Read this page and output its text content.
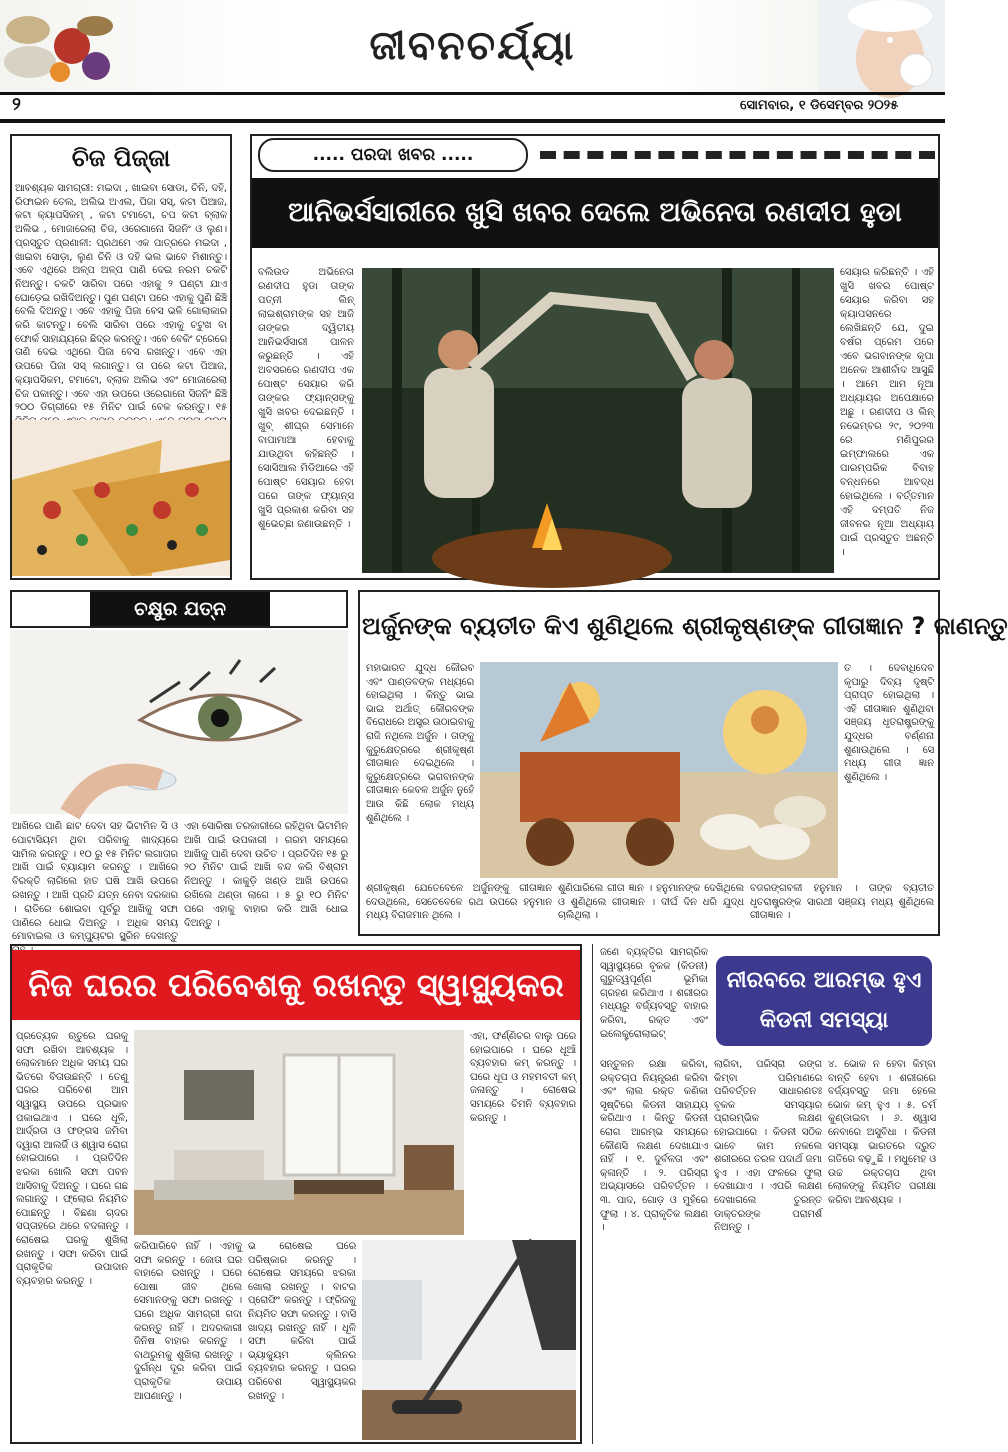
ଜୀବନଚର୍ଯ୍ୟା
୨	ସୋମବାର, ୧ ଡିସେମ୍ବର ୨୦୨୫
ଚିଜ ପିଜ୍ଜା
ଆବଶ୍ୟକ ସାମଗ୍ରୀ: ମଇଦା , ଖାଇବା ସୋଡା, ଚିନି, ଦହି, ରିଫାଇନ ତେଲ, ଅଲିଭ ଅଏଲ, ପିଜା ସସ୍, କଟା ପିଆଜ, କଟା କ୍ୟାପସିକମ୍ , କଟା ଟମାଟୋ, ଚପ କଟା ବ୍ଲାକ ଅଲିଭ , ମୋଜାରେଲା ଚିଜ, ଓରେଗାନୋ ସିଜନିଂ ଓ ଲୁଣ। ପ୍ରସ୍ତୁତ ପ୍ରଣାଳୀ: ପ୍ରଥମେ ଏକ ପାତ୍ରରେ ମଇଦା , ଖାଇବା ସୋଡ଼ା, ଲୁଣ ଚିନି ଓ ଦହି ଭଲ ଭାବେ ମିଶାନ୍ତୁ। ଏବେ ଏଥିରେ ଅଳ୍ପ ଅଳ୍ପ ପାଣି ଦେଇ ନରମ ଚକଟି ନିଅନ୍ତୁ। ଚକଟି ସାରିବା ପରେ ଏହାକୁ ୨ ଘଣ୍ଟା ଯାଏ ଘୋଡ଼େଇ ରଖିଦିଅନ୍ତୁ। ପୁଣ ଘଣ୍ଟା ପରେ ଏହାକୁ ପୁଣି ଛିଞ୍ଚି ବେଲି ଦିଅନ୍ତୁ। ଏବେ ଏହାକୁ ପିଜା ବେସ ଭଳି ଗୋଲାକାର କରି କାଟନ୍ତୁ। ବେଲି ସାରିବା ପରେ ଏହାକୁ ଚଟୁଖ ବା ଫୋର୍କ ସାହାଯ୍ୟରେ ଛିଦ୍ର କରନ୍ତୁ। ଏବେ ବେକିଂ ଟ୍ରେରେ ତାଣି ଦେଇ ଏଥିରେ ପିଜା ବେସ ରଖନ୍ତୁ। ଏବେ ଏହା ଉପରେ ପିଜା ସସ୍ ଲଗାନ୍ତୁ। ତା ପରେ କଟା ପିଆଜ, କ୍ୟାପସିକମ, ଟମାଟୋ, ବ୍ଲାକ ଅଲିଭ ଏବଂ ମୋଜାରେଲା ଚିଜ ପକାନ୍ତୁ। ଏବେ ଏହା ଉପରେ ଓରେଗାନୋ ସିଜନିଂ ଛିଞ୍ଚି ୨୦୦ ଡିଗ୍ରୀରେ ୧୫ ମିନିଟ ପାଇଁ ବେକ କରନ୍ତୁ। ୧୫
..... ପରଦା ଖବର .....
ଆନିଭର୍ସସାରୀରେ ଖୁସି ଖବର ଦେଲେ ଅଭିନେତା ରଣଦୀପ ହୁଡା
ବଲିଉଡ ଅଭିନେତା ରଣଦୀପ ହୁଡା ତାଙ୍କ ପତ୍ନୀ ଲିନ୍ ଲାଇଶ୍ରାମଙ୍କ ସହ ଆଜି ତାଙ୍କର ଦ୍ୱିତୀୟ ଆନିଭର୍ସସାରୀ ପାଳନ କରୁଛନ୍ତି । ଏହି ଅବସରରେ ରଣଦୀପ ଏକ ପୋଷ୍ଟ ସେୟାର କରି ତାଙ୍କର ଫ୍ୟାନ୍ସଙ୍କୁ ଖୁସି ଖବର ଦେଇଛନ୍ତି । ଖୁବ୍ ଶୀଘ୍ର ସେମାନେ ବାପାମାଆ ହେବାକୁ ଯାଉଥିବା କହିଛନ୍ତି । ସୋସିଆଲ ମିଡିଆରେ ଏହି ପୋଷ୍ଟ ସେୟାର ହେବା ପରେ ତାଙ୍କ ଫ୍ୟାନ୍ସ ଖୁସି ପ୍ରକାଶ କରିବା ସହ ଶୁଭେଚ୍ଛା ଜଣାଉଛନ୍ତି ।
ସେୟାର କରିଛନ୍ତି । ଏହି ଖୁସି ଖବର ପୋଷ୍ଟ ସେୟାର କରିବା ସହ କ୍ୟାପସନରେ ଲେଖିଛନ୍ତି ଯେ, ଦୁଇ ବର୍ଷର ପ୍ରେମ ପରେ ଏବେ ଭଗବାନଙ୍କ କୃପା ଅନେକ ଆଶୀର୍ବାଦ ଆସୁଛି । ଆମେ ଆମ ନୂଆ ଅଧ୍ୟାୟର ଅପେକ୍ଷାରେ ଅଛୁ । ରଣଦୀପ ଓ ଲିନ୍ ନଭେମ୍ବର ୨୯, ୨୦୨୩ ରେ ମଣିପୁରର ଇମ୍ଫାଲରେ ଏକ ପାରମ୍ପରିକ ବିବାହ ବନ୍ଧନରେ ଆବଦ୍ଧ ହୋଇଥିଲେ । ବର୍ତ୍ତମାନ ଏହି ଦମ୍ପତି ନିଜ ଜୀବନର ନୂଆ ଅଧ୍ୟାୟ ପାଇଁ ପ୍ରସ୍ତୁତ ଅଛନ୍ତି ।
ଚକ୍ଷୁର ଯତ୍ନ
ଆଖିରେ ପାଣି ଛାଟ ଦେବା ସହ ଭିଟାମିନ ସି ଓ ପୋଟାସିୟମ ଥିବା ପରିବାକୁ ଖାଦ୍ୟରେ ସାମିଲ କରନ୍ତୁ । ୧୦ ରୁ ୧୫ ମିନିଟ ଲଗାତାର ଆଖି ପାଇଁ ବ୍ୟାୟାମ କରନ୍ତୁ । ଆଖିରେ ବିରକ୍ତି ଲାଗିଲେ ହାତ ଘଷି ଆଖି ଉପରେ ରଖନ୍ତୁ । ଆଖି ପ୍ରତି ଯତ୍ନ ନେବା ଦରକାର । ରାତିରେ ଶୋଇବା ପୂର୍ବରୁ ଆଖିକୁ ସଫା ପାଣିରେ ଧୋଇ ଦିଅନ୍ତୁ । ଅଧିକ ସମୟ ମୋବାଇଲ ଓ କମ୍ପ୍ୟୁଟର ସ୍କ୍ରିନ ଦେଖନ୍ତୁ
ଏହା ସୋରିଷା ତରକାରୀରେ ରହିଥିବା ଭିଟାମିନ ଆଖି ପାଇଁ ଉପକାରୀ । ଗରମ ସମୟରେ ଆଖିକୁ ପାଣି ଦେବା ଉଚିତ । ପ୍ରତିଦିନ ୧୫ ରୁ ୨୦ ମିନିଟ ପାଇଁ ଆଖି ବନ୍ଦ କରି ବିଶ୍ରାମ ନିଅନ୍ତୁ । କାକୁଡ଼ି ଖଣ୍ଡ ଆଖି ଉପରେ ରଖିଲେ ଥଣ୍ଡା ଲାଗେ । ୫ ରୁ ୧୦ ମିନିଟ ପରେ ଏହାକୁ ବାହାର କରି ଆଖି ଧୋଇ ଦିଅନ୍ତୁ ।
ଅର୍ଜୁନଙ୍କ ବ୍ୟତୀତ କିଏ ଶୁଣିଥିଲେ ଶ୍ରୀକୃଷ୍ଣଙ୍କ ଗୀତାଜ୍ଞାନ ? ଜାଣନ୍ତୁ
ମହାଭାରତ ଯୁଦ୍ଧ କୌରବ ଏବଂ ପାଣ୍ଡବଙ୍କ ମଧ୍ୟରେ ହୋଇଥିଲା । କିନ୍ତୁ ଭାଇ ଭାଇ ଅର୍ଥାତ୍ କୌରବଙ୍କ ବିରୋଧରେ ଅସ୍ତ୍ର ଉଠାଇବାକୁ ରାଜି ନଥିଲେ ଅର୍ଜୁନ । ତାଙ୍କୁ କୁରୁକ୍ଷେତ୍ରରେ ଶ୍ରୀକୃଷ୍ଣ ଗୀତାଜ୍ଞାନ ଦେଇଥିଲେ । କୁରୁକ୍ଷେତ୍ରରେ ଭଗବାନଙ୍କ ଗୀତାଜ୍ଞାନ କେବଳ ଅର୍ଜୁନ ନୁହେଁ ଆଉ କିଛି ଲୋକ ମଧ୍ୟ ଶୁଣିଥିଲେ ।
ତ । ଦେବାଧିଦେବ କୃପାରୁ ଦିବ୍ୟ ଦୃଷ୍ଟି ପ୍ରାପ୍ତ ହୋଇଥିଲା । ଏହି ଗୀତାଜ୍ଞାନ ଶୁଣିଥିବା ସଞ୍ଜୟ ଧୃତରାଷ୍ଟ୍ରଙ୍କୁ ଯୁଦ୍ଧର ବର୍ଣ୍ଣନା ଶୁଣାଉଥିଲେ । ସେ ମଧ୍ୟ ଗୀତା ଜ୍ଞାନ ଶୁଣିଥିଲେ ।
ଶ୍ରୀକୃଷ୍ଣ ଯେତେବେଳେ ଅର୍ଜୁନଙ୍କୁ ଗୀତାଜ୍ଞାନ ଦେଉଥିଲେ, ସେତେବେଳେ ରଥ ଉପରେ ହନୁମାନ ମଧ୍ୟ ବିରାଜମାନ ଥିଲେ ।
ଶୁଣିପାରିଲେ ଗୀତା ଜ୍ଞାନ । ହନୁମାନଙ୍କ ଦେଖିଥିଲେ ଓ ଶୁଣିଥିଲେ ଗୀତାଜ୍ଞାନ । ଦୀର୍ଘ ଦିନ ଧରି ଯୁଦ୍ଧ ଚାଲିଥିଲା ।
ବଜରଙ୍ଗବଳୀ ହନୁମାନ । ତାଙ୍କ ବ୍ୟତୀତ ଧୃତରାଷ୍ଟ୍ରଙ୍କ ସାରଥୀ ସଞ୍ଜୟ ମଧ୍ୟ ଶୁଣିଥିଲେ ଗୀତାଜ୍ଞାନ ।
ନିଜ ଘରର ପରିବେଶକୁ ରଖନ୍ତୁ ସ୍ୱାସ୍ଥ୍ୟକର
ପ୍ରତ୍ୟେକ ଋତୁରେ ଘରକୁ ସଫା ରଖିବା ଆବଶ୍ୟକ । ଲୋକମାନେ ଅଧିକ ସମୟ ଘର ଭିତରେ ବିତାଉଛନ୍ତି । ତେଣୁ ଘରର ପରିବେଶ ଆମ ସ୍ୱାସ୍ଥ୍ୟ ଉପରେ ପ୍ରଭାବ ପକାଇଥାଏ । ଘରେ ଧୂଳି, ଆର୍ଦ୍ରତା ଓ ଫଙ୍ଗସ ଜମିବା ଦ୍ୱାରା ଆଲର୍ଜି ଓ ଶ୍ୱାସ ରୋଗ ହୋଇପାରେ । ପ୍ରତିଦିନ ଝରକା ଖୋଲି ସଫା ପବନ ଆସିବାକୁ ଦିଅନ୍ତୁ । ଘରେ ଗଛ ଲଗାନ୍ତୁ । ଫ୍ଲୋର ନିୟମିତ ପୋଛନ୍ତୁ । ବିଛଣା ଚାଦର ସପ୍ତାହରେ ଥରେ ବଦଳାନ୍ତୁ । ରୋଷେଇ ଘରକୁ ଶୁଖିଲା ରଖନ୍ତୁ । ସଫା କରିବା ପାଇଁ ପ୍ରାକୃତିକ ଉପାଦାନ ବ୍ୟବହାର କରନ୍ତୁ ।
ଏହା, ଫର୍ଣ୍ଣିଚର ବାଲୁ ପରେ ହୋଇପାରେ । ଘରେ ଧୂଆଁ ବ୍ୟବହାର କମ୍ କରନ୍ତୁ । ଘରେ ଧୂପ ଓ ମହମବତୀ କମ୍ ଜଳାନ୍ତୁ । ରୋଷେଇ ସମୟରେ ଚିମନି ବ୍ୟବହାର କରନ୍ତୁ ।
କରିପାରିବେ ନାହିଁ । ଏହାକୁ ସଫା କରନ୍ତୁ । ଜୋତା ଘର ବାହାରେ ରଖନ୍ତୁ । ଘରେ ପୋଷା ଜୀବ ଥିଲେ ସେମାନଙ୍କୁ ସଫା ରଖନ୍ତୁ । ଘରେ ଅଧିକ ସାମଗ୍ରୀ ଗଦା କରନ୍ତୁ ନାହିଁ । ଅଦରକାରୀ ଜିନିଷ ବାହାର କରନ୍ତୁ । ବାଥରୁମକୁ ଶୁଖିଲା ରଖନ୍ତୁ । ଦୁର୍ଗନ୍ଧ ଦୂର କରିବା ପାଇଁ ପ୍ରାକୃତିକ ଉପାୟ ଆପଣାନ୍ତୁ ।
ଭ ରୋଷେଇ ଘରେ ପରିଷ୍କାର କରନ୍ତୁ । ରୋଷେଇ ସମୟରେ ଝରକା ଖୋଲା ରଖନ୍ତୁ । ବାଟର ପ୍ରୋଫିଂ କରନ୍ତୁ । ଫ୍ରିଜକୁ ନିୟମିତ ସଫା କରନ୍ତୁ । ବାସି ଖାଦ୍ୟ ରଖନ୍ତୁ ନାହିଁ । ଧୂଳି ସଫା କରିବା ପାଇଁ ଭ୍ୟାକ୍ୟୁମ କ୍ଲିନର ବ୍ୟବହାର କରନ୍ତୁ । ଘରର ପରିବେଶ ସ୍ୱାସ୍ଥ୍ୟକର ରଖନ୍ତୁ ।
ଜଣେ ବ୍ୟକ୍ତିର ସାମଗ୍ରିକ ସ୍ୱାସ୍ଥ୍ୟରେ ବୃକକ (କିଡନୀ) ଗୁରୁତ୍ୱପୂର୍ଣ୍ଣ ଭୂମିକା ଗ୍ରହଣ କରିଥାଏ । ଶରୀରର ମଧ୍ୟରୁ ବର୍ଜ୍ୟବସ୍ତୁ ବାହାର କରିବା, ରକ୍ତ ଏବଂ ଇଲେକ୍ଟ୍ରୋଲାଇଟ୍
ନୀରବରେ ଆରମ୍ଭ ହୁଏ କିଡନୀ ସମସ୍ୟା
ସନ୍ତୁଳନ ରକ୍ଷା କରିବା, ରକ୍ତଚାପ ନିୟନ୍ତ୍ରଣ କରିବା ଏବଂ ଲାଲ ରକ୍ତ କଣିକା ସୃଷ୍ଟିରେ କିଡନୀ ସାହାଯ୍ୟ କରିଥାଏ । କିନ୍ତୁ କିଡନୀ ରୋଗ ଆରମ୍ଭ ସମୟରେ କୌଣସି ଲକ୍ଷଣ ଦେଖାଯାଏ ନାହିଁ । ୧. ଦୁର୍ବଳତା ଏବଂ କ୍ଳାନ୍ତି । ୨. ପରିସ୍ରା ଅଭ୍ୟାସରେ ପରିବର୍ତ୍ତନ । ୩. ପାଦ, ଗୋଡ଼ ଓ ମୁହଁରେ ଫୁଲା । ୪. ପ୍ରାକୃତିକ ଲକ୍ଷଣ ।
ଲାଗିବା, ପରିସ୍ରା ରଙ୍ଗ କିମ୍ବା ପରିମାଣରେ ପରିବର୍ତ୍ତନ ସାଧାରଣତଃ ବୃକକ ସମସ୍ୟାର ପ୍ରାରମ୍ଭିକ ଲକ୍ଷଣ ହୋଇପାରେ । କିଡନୀ ସଠିକ ଭାବେ କାମ ନକଲେ ଶରୀରରେ ତରଳ ପଦାର୍ଥ ଜମା ହୁଏ । ଏହା ଫଳରେ ଫୁଲା ଦେଖାଯାଏ । ଏପରି ଲକ୍ଷଣ ଦେଖାଗଲେ ତୁରନ୍ତ ଡାକ୍ତରଙ୍କ ପରାମର୍ଶ ନିଅନ୍ତୁ ।
୪. ଭୋକ ନ ହେବା କିମ୍ବା ବାନ୍ତି ହେବା । ଶରୀରରେ ବର୍ଜ୍ୟବସ୍ତୁ ଜମା ହେଲେ ଭୋକ କମ୍ ହୁଏ । ୫. ଚର୍ମ କୁଣ୍ଡାଇବା । ୬. ଶ୍ୱାସ ନେବାରେ ଅସୁବିଧା । କିଡନୀ ସମସ୍ୟା ଭାରତରେ ଦ୍ରୁତ ଗତିରେ ବଢ଼ୁଛି । ମଧୁମେହ ଓ ଉଚ୍ଚ ରକ୍ତଚାପ ଥିବା ଲୋକଙ୍କୁ ନିୟମିତ ପରୀକ୍ଷା କରିବା ଆବଶ୍ୟକ ।
